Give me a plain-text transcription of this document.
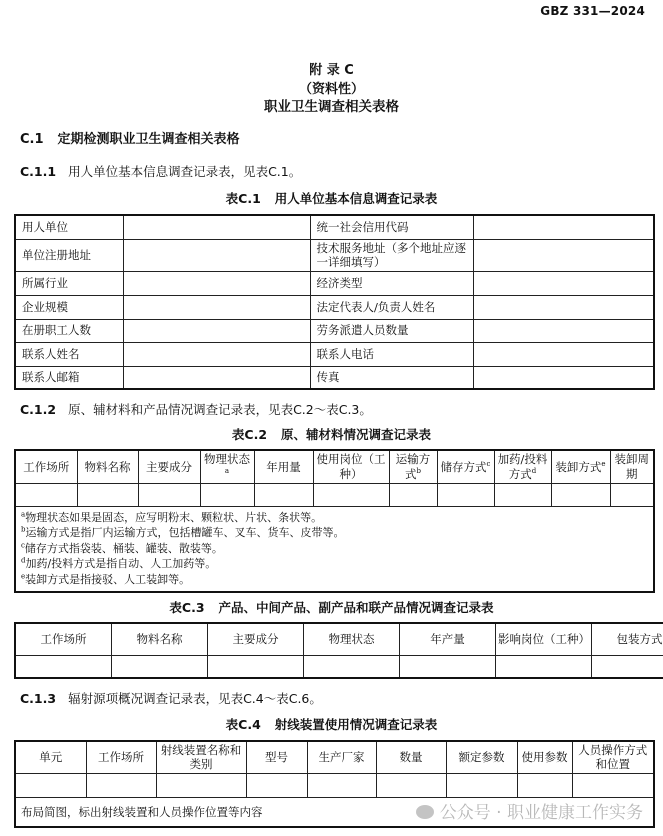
GBZ 331—2024
附 录 C
（资料性）
职业卫生调查相关表格
C.1 定期检测职业卫生调查相关表格
C.1.1 用人单位基本信息调查记录表，见表C.1。
表C.1 用人单位基本信息调查记录表
用人单位		统一社会信用代码	
单位注册地址		技术服务地址（多个地址应逐一详细填写）	
所属行业		经济类型	
企业规模		法定代表人/负责人姓名	
在册职工人数		劳务派遣人员数量	
联系人姓名		联系人电话	
联系人邮箱		传真	
C.1.2 原、辅材料和产品情况调查记录表，见表C.2～表C.3。
表C.2 原、辅材料情况调查记录表
工作场所	物料名称	主要成分	物理状态$^a$	年用量	使用岗位（工种）	运输方式$^b$	储存方式$^c$	加药/投料方式$^d$	装卸方式$^e$	装卸周期

$^a$物理状态如果是固态，应写明粉末、颗粒状、片状、条状等。
$^b$运输方式是指厂内运输方式，包括槽罐车、叉车、货车、皮带等。
$^c$储存方式指袋装、桶装、罐装、散装等。
$^d$加药/投料方式是指自动、人工加药等。
$^e$装卸方式是指接驳、人工装卸等。										
表C.3 产品、中间产品、副产品和联产品情况调查记录表
工作场所	物料名称	主要成分	物理状态	年产量	影响岗位（工种）	包装方式

C.1.3 辐射源项概况调查记录表，见表C.4～表C.6。
表C.4 射线装置使用情况调查记录表
单元	工作场所	射线装置名称和类别	型号	生产厂家	数量	额定参数	使用参数	人员操作方式和位置

布局简图，标出射线装置和人员操作位置等内容 公众号 · 职业健康工作实务								
